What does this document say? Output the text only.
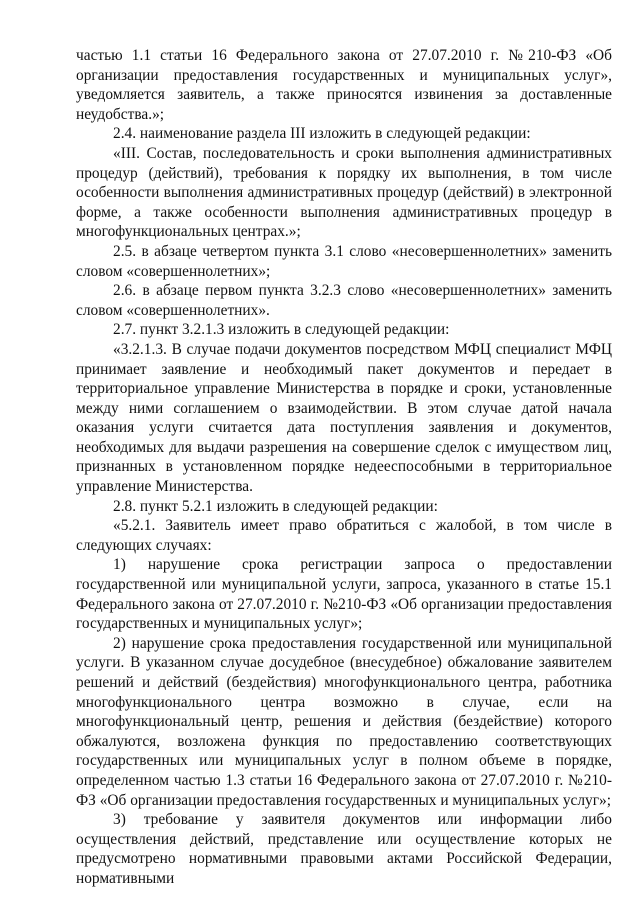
частью 1.1 статьи 16 Федерального закона от 27.07.2010 г. №210-ФЗ «Об организации предоставления государственных и муниципальных услуг», уведомляется заявитель, а также приносятся извинения за доставленные неудобства.»;

2.4. наименование раздела III изложить в следующей редакции:

«III. Состав, последовательность и сроки выполнения административных процедур (действий), требования к порядку их выполнения, в том числе особенности выполнения административных процедур (действий) в электронной форме, а также особенности выполнения административных процедур в многофункциональных центрах.»;

2.5. в абзаце четвертом пункта 3.1 слово «несовершеннолетних» заменить словом «совершеннолетних»;

2.6. в абзаце первом пункта 3.2.3 слово «несовершеннолетних» заменить словом «совершеннолетних».

2.7. пункт 3.2.1.3 изложить в следующей редакции:

«3.2.1.3. В случае подачи документов посредством МФЦ специалист МФЦ принимает заявление и необходимый пакет документов и передает в территориальное управление Министерства в порядке и сроки, установленные между ними соглашением о взаимодействии. В этом случае датой начала оказания услуги считается дата поступления заявления и документов, необходимых для выдачи разрешения на совершение сделок с имуществом лиц, признанных в установленном порядке недееспособными в территориальное управление Министерства.

2.8. пункт 5.2.1 изложить в следующей редакции:

«5.2.1. Заявитель имеет право обратиться с жалобой, в том числе в следующих случаях:

1) нарушение срока регистрации запроса о предоставлении государственной или муниципальной услуги, запроса, указанного в статье 15.1 Федерального закона от 27.07.2010 г. №210-ФЗ «Об организации предоставления государственных и муниципальных услуг»;

2) нарушение срока предоставления государственной или муниципальной услуги. В указанном случае досудебное (внесудебное) обжалование заявителем решений и действий (бездействия) многофункционального центра, работника многофункционального центра возможно в случае, если на многофункциональный центр, решения и действия (бездействие) которого обжалуются, возложена функция по предоставлению соответствующих государственных или муниципальных услуг в полном объеме в порядке, определенном частью 1.3 статьи 16 Федерального закона от 27.07.2010 г. №210-ФЗ «Об организации предоставления государственных и муниципальных услуг»;

3) требование у заявителя документов или информации либо осуществления действий, представление или осуществление которых не предусмотрено нормативными правовыми актами Российской Федерации, нормативными
